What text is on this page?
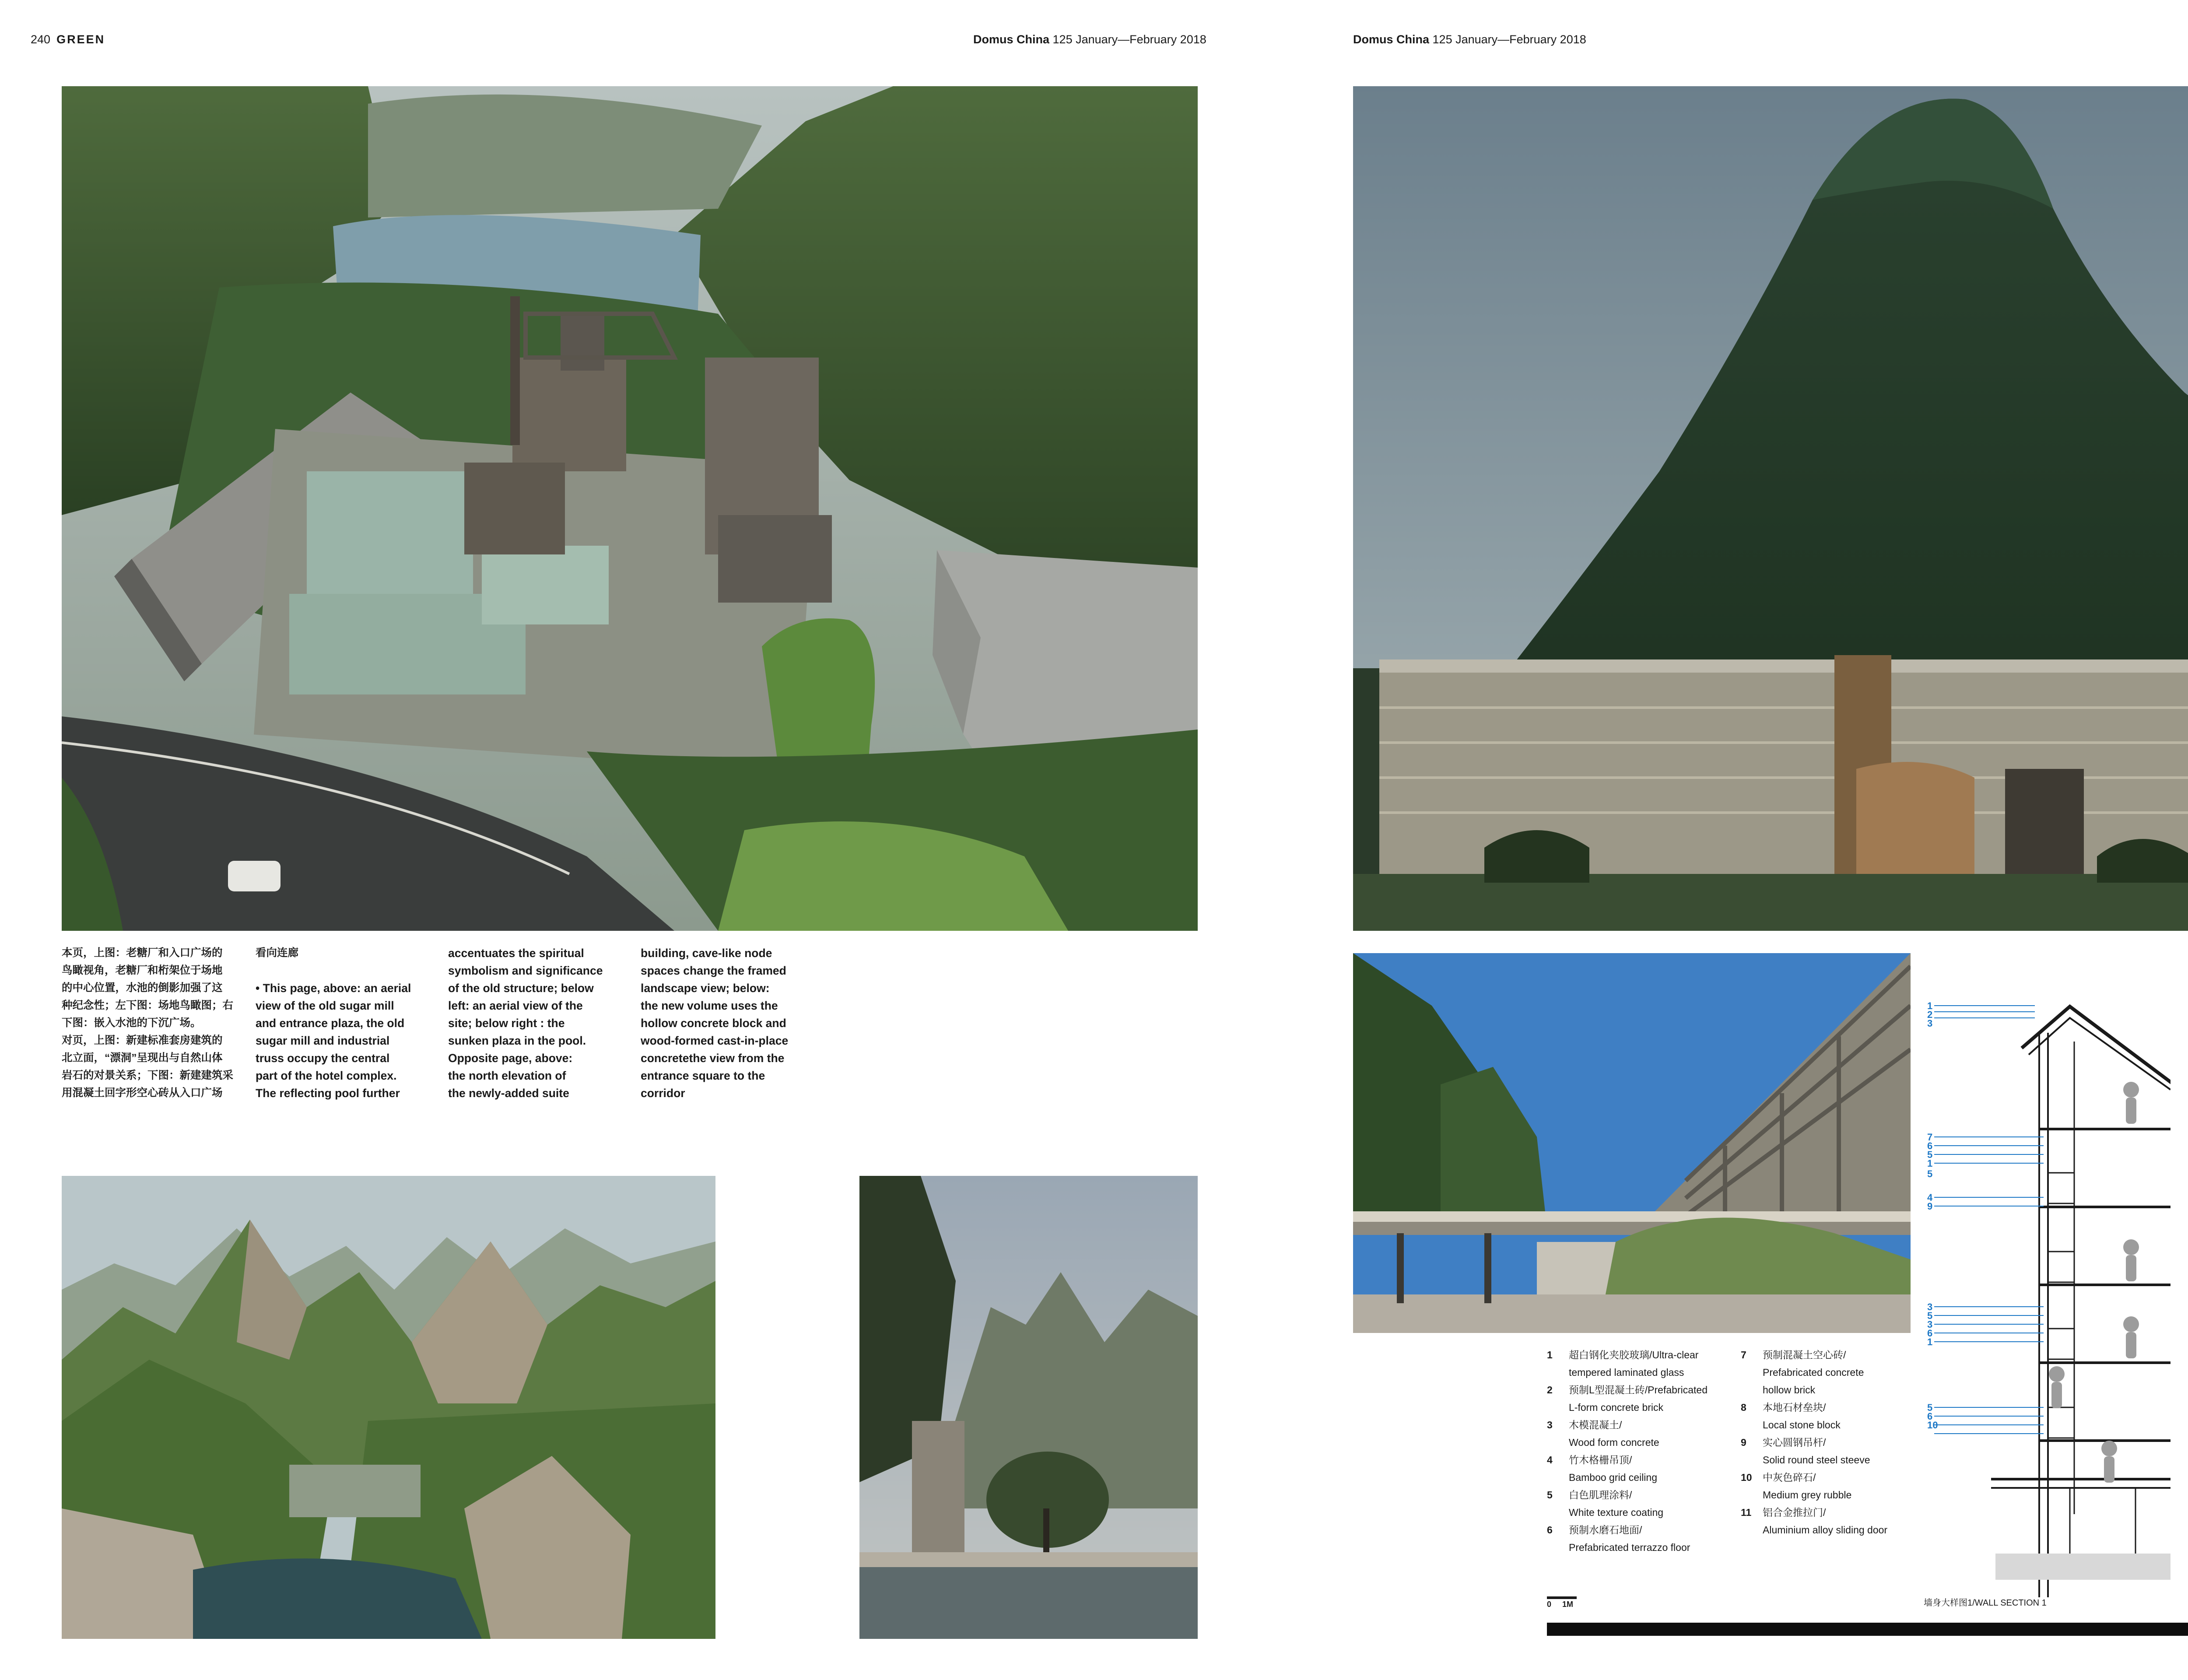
240 GREEN	Domus China 125 January—February 2018	Domus China 125 January—February 2018
本页，上图：老糖厂和入口广场的
鸟瞰视角，老糖厂和桁架位于场地
的中心位置，水池的倒影加强了这
种纪念性；左下图：场地鸟瞰图；右
下图：嵌入水池的下沉广场。
对页，上图：新建标准套房建筑的
北立面，“漂洞”呈现出与自然山体
岩石的对景关系；下图：新建建筑采
用混凝土回字形空心砖从入口广场
看向连廊
• This page, above: an aerial
view of the old sugar mill
and entrance plaza, the old
sugar mill and industrial
truss occupy the central
part of the hotel complex.
The reflecting pool further
accentuates the spiritual
symbolism and significance
of the old structure; below
left: an aerial view of the
site; below right : the
sunken plaza in the pool.
Opposite page, above:
the north elevation of
the newly-added suite
building, cave-like node
spaces change the framed
landscape view; below:
the new volume uses the
hollow concrete block and
wood-formed cast-in-place
concretethe view from the
entrance square to the
corridor
1	超白钢化夹胶玻璃/Ultra-clear
tempered laminated glass
2	预制L型混凝土砖/Prefabricated
L-form concrete brick
3	木模混凝土/
Wood form concrete
4	竹木格栅吊顶/
Bamboo grid ceiling
5	白色肌理涂料/
White texture coating
6	预制水磨石地面/
Prefabricated terrazzo floor
7	预制混凝土空心砖/
Prefabricated concrete
hollow brick
8	本地石材垒块/
Local stone block
9	实心圆钢吊杆/
Solid round steel steeve
10	中灰色碎石/
Medium grey rubble
11	铝合金推拉门/
Aluminium alloy sliding door
1
2
3
7
6
5
1
5
4
9
3
5
3
6
1
5
6
10
墙身大样图1/WALL SECTION 1
0 1M
